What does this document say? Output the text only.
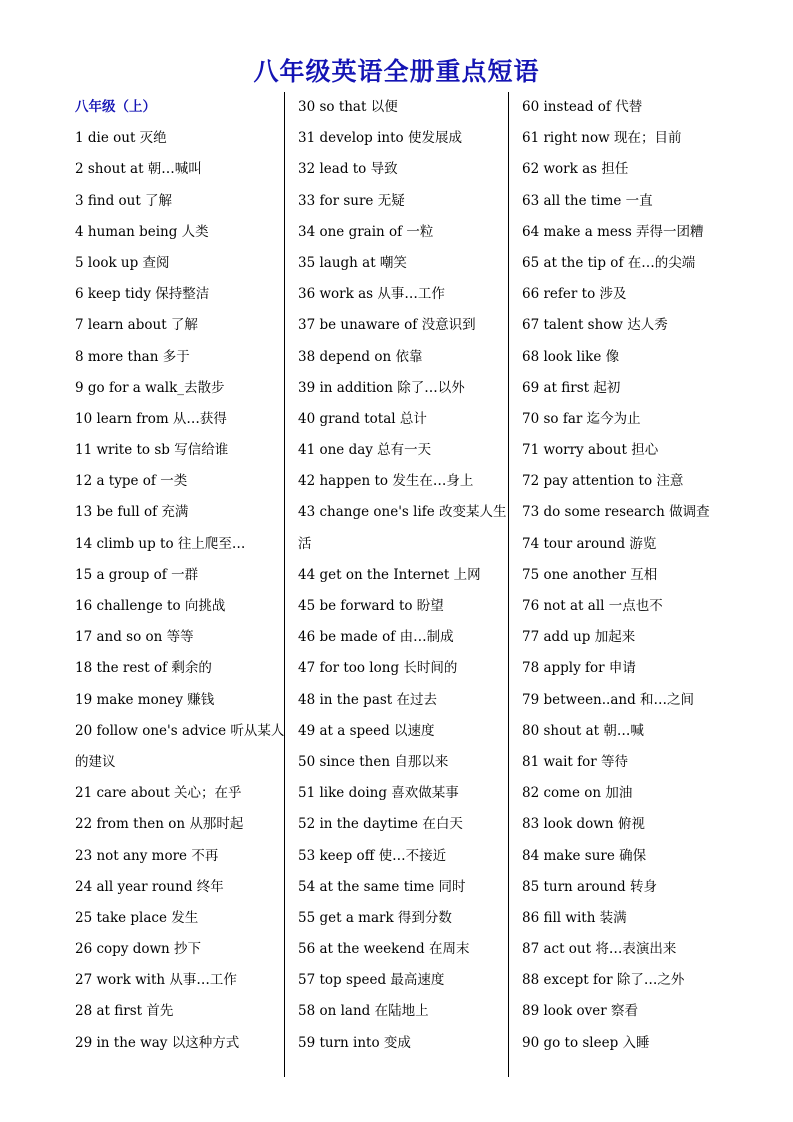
八年级英语全册重点短语
八年级（上）
1 die out 灭绝
2 shout at 朝…喊叫
3 find out 了解
4 human being 人类
5 look up 查阅
6 keep tidy 保持整洁
7 learn about 了解
8 more than 多于
9 go for a walk_去散步
10 learn from 从…获得
11 write to sb 写信给谁
12 a type of 一类
13 be full of 充满
14 climb up to 往上爬至…
15 a group of 一群
16 challenge to 向挑战
17 and so on 等等
18 the rest of 剩余的
19 make money 赚钱
20 follow one's advice 听从某人
的建议
21 care about 关心；在乎
22 from then on 从那时起
23 not any more 不再
24 all year round 终年
25 take place 发生
26 copy down 抄下
27 work with 从事…工作
28 at first 首先
29 in the way 以这种方式
30 so that 以便
31 develop into 使发展成
32 lead to 导致
33 for sure 无疑
34 one grain of 一粒
35 laugh at 嘲笑
36 work as 从事…工作
37 be unaware of 没意识到
38 depend on 依靠
39 in addition 除了…以外
40 grand total 总计
41 one day 总有一天
42 happen to 发生在…身上
43 change one's life 改变某人生
活
44 get on the Internet 上网
45 be forward to 盼望
46 be made of 由…制成
47 for too long 长时间的
48 in the past 在过去
49 at a speed 以速度
50 since then 自那以来
51 like doing 喜欢做某事
52 in the daytime 在白天
53 keep off 使…不接近
54 at the same time 同时
55 get a mark 得到分数
56 at the weekend 在周末
57 top speed 最高速度
58 on land 在陆地上
59 turn into 变成
60 instead of 代替
61 right now 现在；目前
62 work as 担任
63 all the time 一直
64 make a mess 弄得一团糟
65 at the tip of 在…的尖端
66 refer to 涉及
67 talent show 达人秀
68 look like 像
69 at first 起初
70 so far 迄今为止
71 worry about 担心
72 pay attention to 注意
73 do some research 做调查
74 tour around 游览
75 one another 互相
76 not at all 一点也不
77 add up 加起来
78 apply for 申请
79 between..and 和…之间
80 shout at 朝…喊
81 wait for 等待
82 come on 加油
83 look down 俯视
84 make sure 确保
85 turn around 转身
86 fill with 装满
87 act out 将…表演出来
88 except for 除了…之外
89 look over 察看
90 go to sleep 入睡
